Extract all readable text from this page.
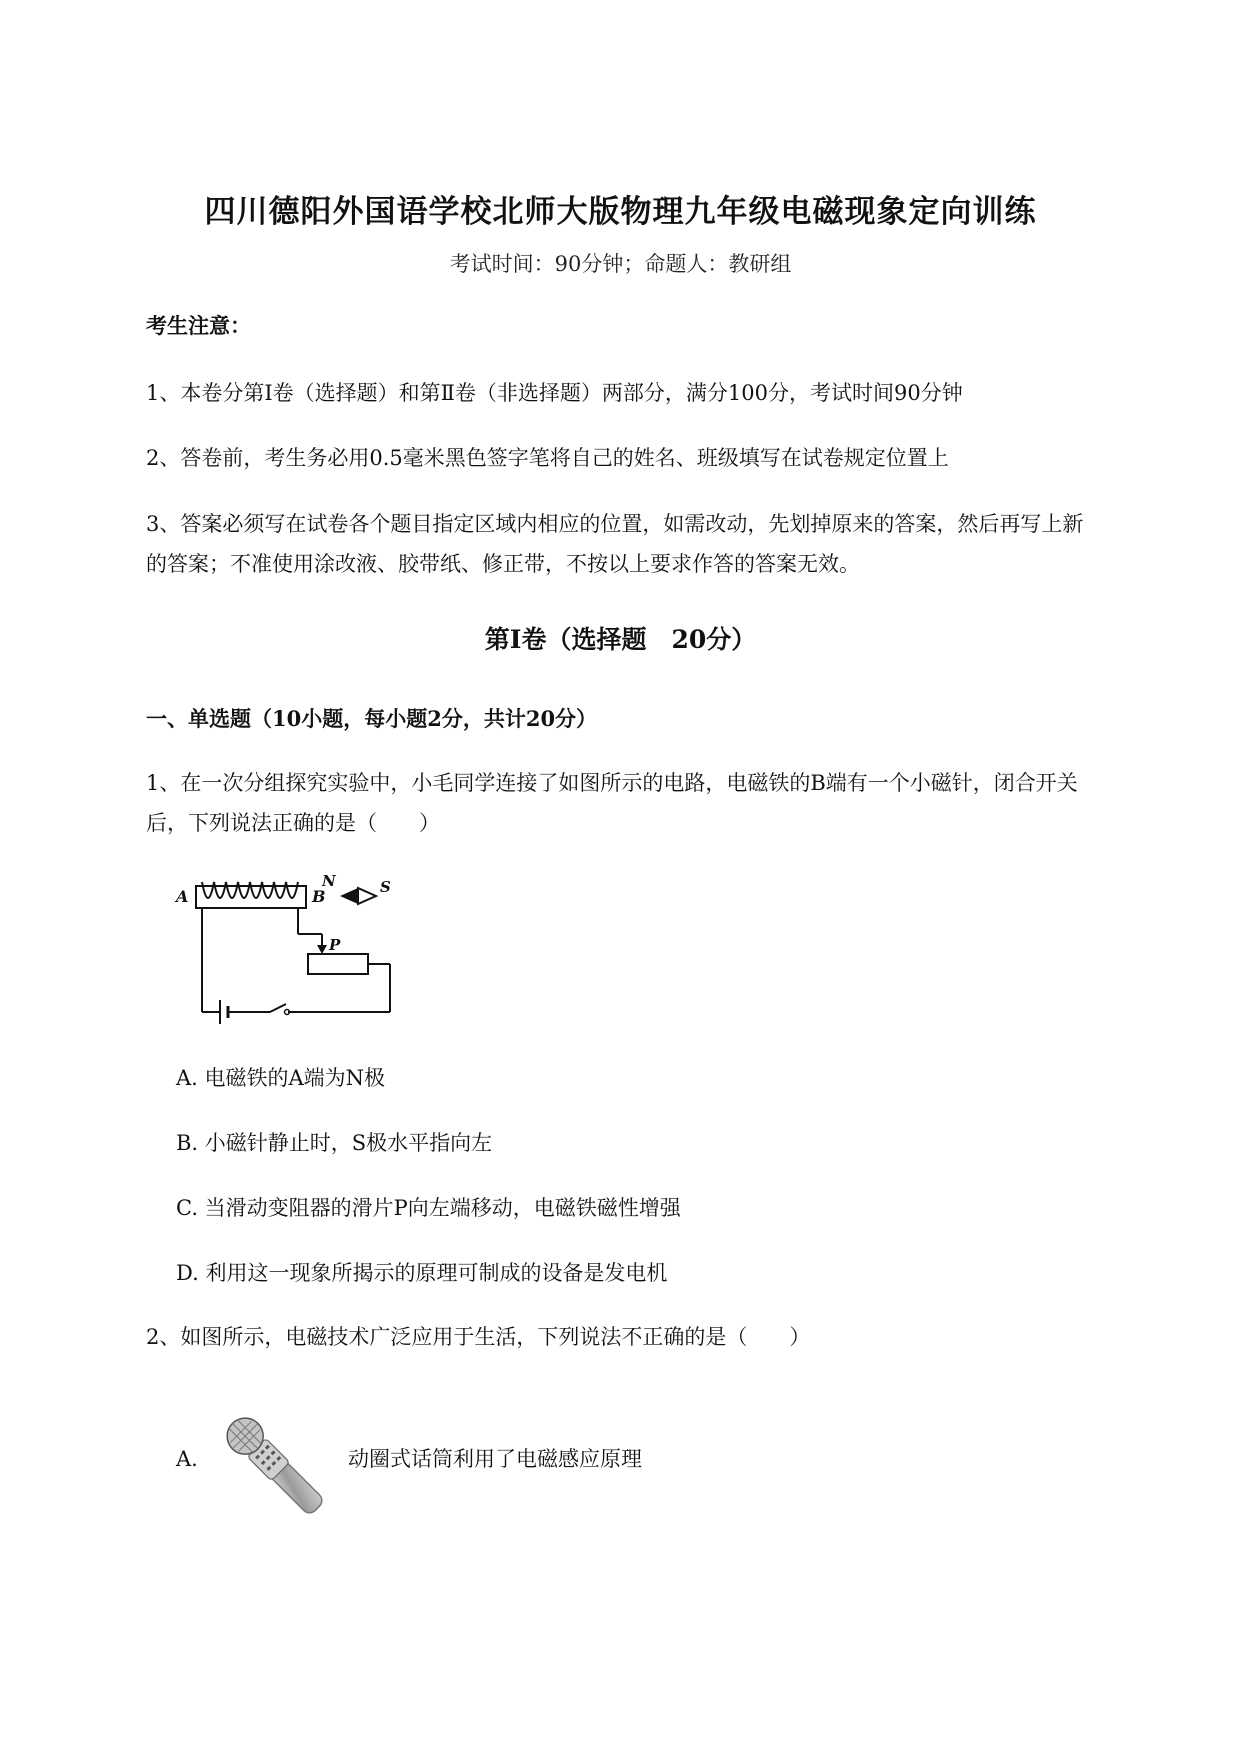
四川德阳外国语学校北师大版物理九年级电磁现象定向训练
考试时间：90分钟；命题人：教研组
考生注意：
1、本卷分第I卷（选择题）和第Ⅱ卷（非选择题）两部分，满分100分，考试时间90分钟
2、答卷前，考生务必用0.5毫米黑色签字笔将自己的姓名、班级填写在试卷规定位置上
3、答案必须写在试卷各个题目指定区域内相应的位置，如需改动，先划掉原来的答案，然后再写上新
的答案；不准使用涂改液、胶带纸、修正带，不按以上要求作答的答案无效。
第I卷（选择题　20分）
一、单选题（10小题，每小题2分，共计20分）
1、在一次分组探究实验中，小毛同学连接了如图所示的电路，电磁铁的B端有一个小磁针，闭合开关
后，下列说法正确的是（　　）
A	B
N	S
P
A. 电磁铁的A端为N极
B. 小磁针静止时，S极水平指向左
C. 当滑动变阻器的滑片P向左端移动，电磁铁磁性增强
D. 利用这一现象所揭示的原理可制成的设备是发电机
2、如图所示，电磁技术广泛应用于生活，下列说法不正确的是（　　）
A.	动圈式话筒利用了电磁感应原理
